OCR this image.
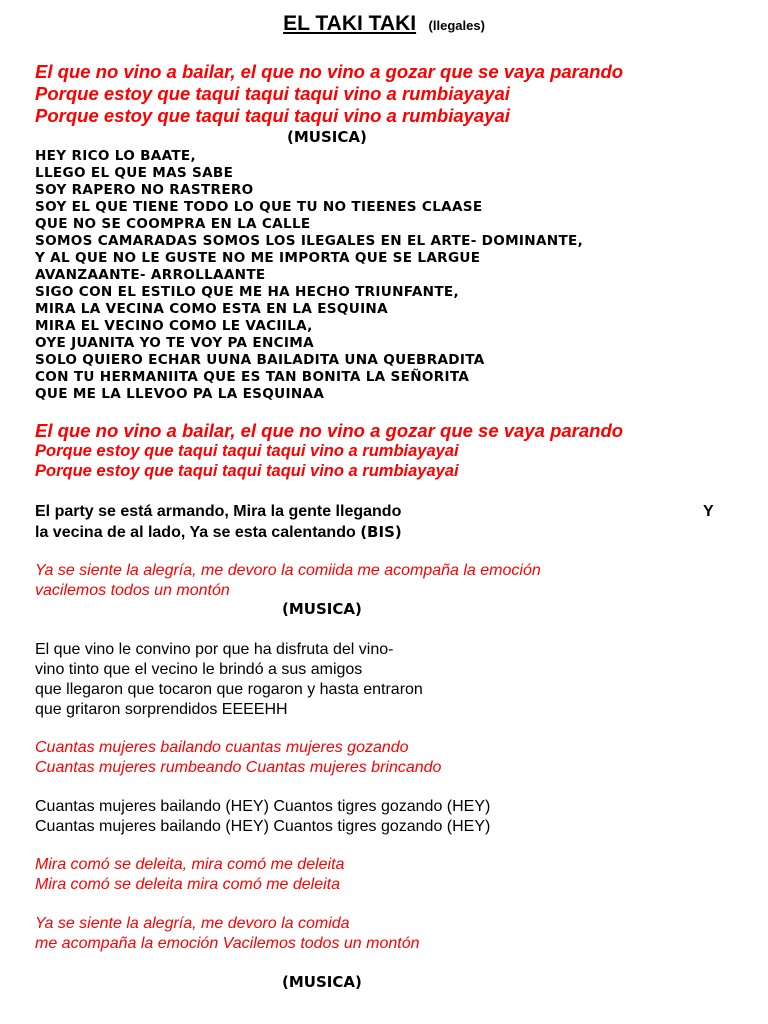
EL TAKI TAKI (llegales)
El que no vino a bailar, el que no vino a gozar que se vaya parando
Porque estoy que taqui taqui taqui vino a rumbiayayai
Porque estoy que taqui taqui taqui vino a rumbiayayai
(MUSICA)
HEY RICO LO BAATE,
LLEGO EL QUE MAS SABE
SOY RAPERO NO RASTRERO
SOY EL QUE TIENE TODO LO QUE TU NO TIEENES CLAASE
QUE NO SE COOMPRA EN LA CALLE
SOMOS CAMARADAS SOMOS LOS ILEGALES EN EL ARTE- DOMINANTE,
Y AL QUE NO LE GUSTE NO ME IMPORTA QUE SE LARGUE
AVANZAANTE- ARROLLAANTE
SIGO CON EL ESTILO QUE ME HA HECHO TRIUNFANTE,
MIRA LA VECINA COMO ESTA EN LA ESQUINA
MIRA EL VECINO COMO LE VACIILA,
OYE JUANITA YO TE VOY PA ENCIMA
SOLO QUIERO ECHAR UUNA BAILADITA UNA QUEBRADITA
CON TU HERMANIITA QUE ES TAN BONITA LA SEÑORITA
QUE ME LA LLEVOO PA LA ESQUINAA
El que no vino a bailar, el que no vino a gozar que se vaya parando
Porque estoy que taqui taqui taqui vino a rumbiayayai
Porque estoy que taqui taqui taqui vino a rumbiayayai
El party se está armando, Mira la gente llegando
la vecina de al lado, Ya se esta calentando (BIS)
Y
Ya se siente la alegría, me devoro la comiida me acompaña la emoción
vacilemos todos un montón
(MUSICA)
El que vino le convino por que ha disfruta del vino-
vino tinto que el vecino le brindó a sus amigos
que llegaron que tocaron que rogaron y hasta entraron
que gritaron sorprendidos EEEEHH
Cuantas mujeres bailando cuantas mujeres gozando
Cuantas mujeres rumbeando Cuantas mujeres brincando
Cuantas mujeres bailando (HEY) Cuantos tigres gozando (HEY)
Cuantas mujeres bailando (HEY) Cuantos tigres gozando (HEY)
Mira comó se deleita, mira comó me deleita
Mira comó se deleita mira comó me deleita
Ya se siente la alegría, me devoro la comida
me acompaña la emoción Vacilemos todos un montón
(MUSICA)
